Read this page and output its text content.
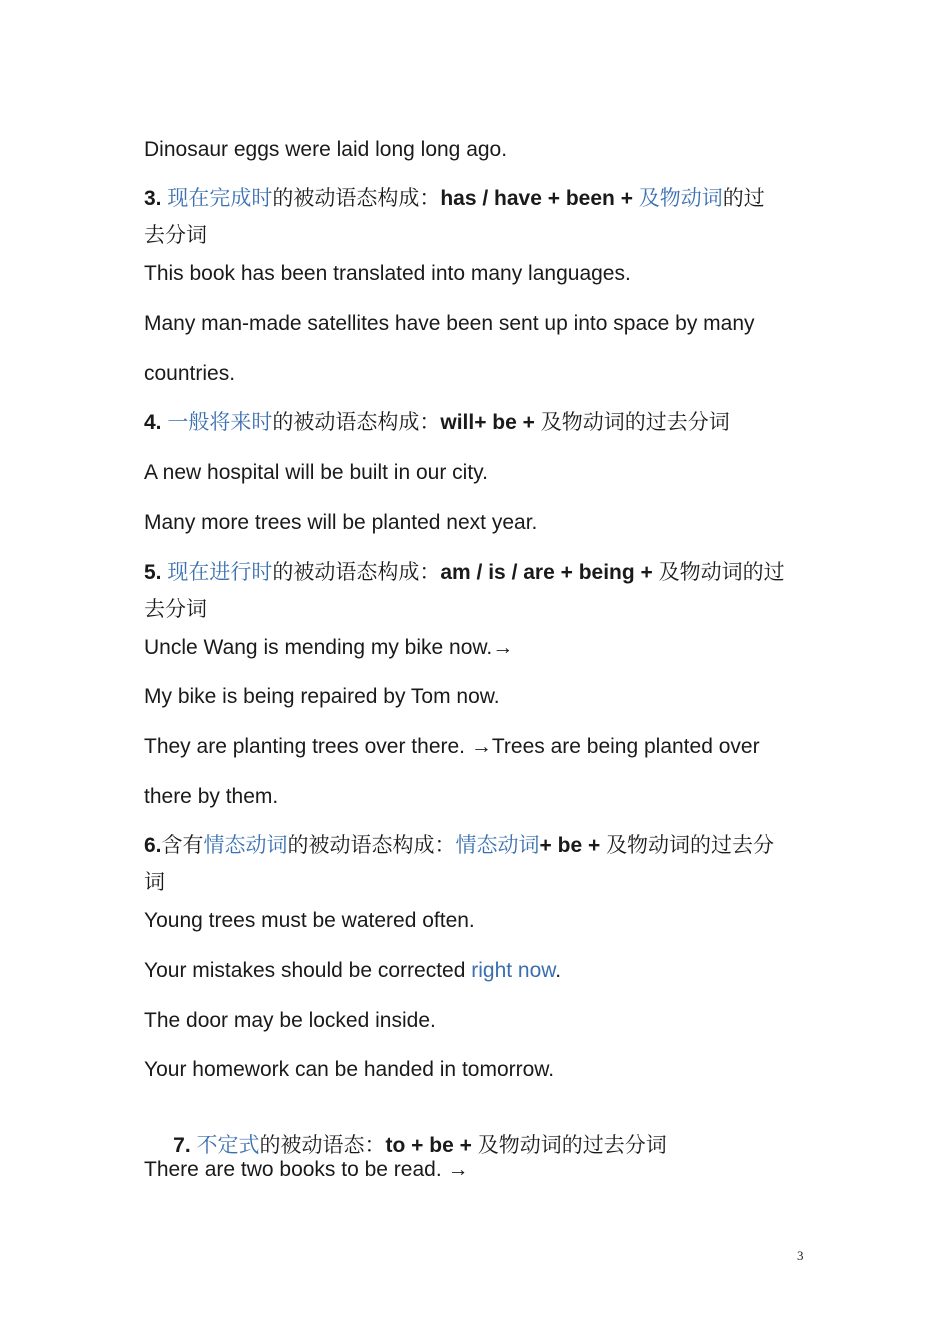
Dinosaur eggs were laid long long ago.
3. 现在完成时的被动语态构成：has / have + been + 及物动词的过
去分词
This book has been translated into many languages.
Many man-made satellites have been sent up into space by many
countries.
4. 一般将来时的被动语态构成：will+ be + 及物动词的过去分词
A new hospital will be built in our city.
Many more trees will be planted next year.
5. 现在进行时的被动语态构成：am / is / are + being + 及物动词的过
去分词
Uncle Wang is mending my bike now.→
My bike is being repaired by Tom now.
They are planting trees over there. →Trees are being planted over
there by them.
6.含有情态动词的被动语态构成：情态动词+ be + 及物动词的过去分
词
Young trees must be watered often.
Your mistakes should be corrected right now.
The door may be locked inside.
Your homework can be handed in tomorrow.

7. 不定式的被动语态：to + be + 及物动词的过去分词

There are two books to be read. →
3
